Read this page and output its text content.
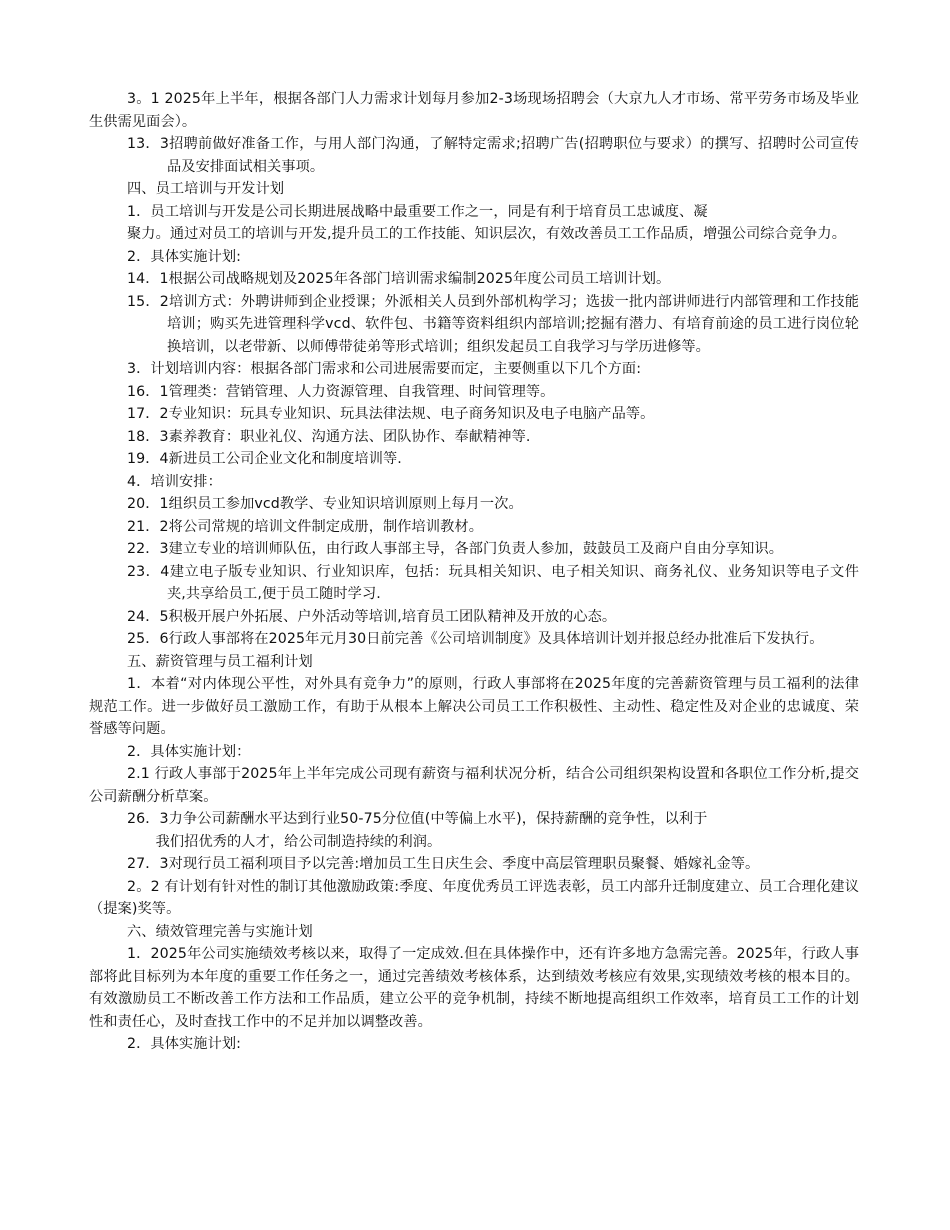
3。1 2025年上半年，根据各部门人力需求计划每月参加2-3场现场招聘会（大京九人才市场、常平劳务市场及毕业生供需见面会）。

13．3招聘前做好准备工作，与用人部门沟通，了解特定需求;招聘广告(招聘职位与要求）的撰写、招聘时公司宣传品及安排面试相关事项。

四、员工培训与开发计划

1．员工培训与开发是公司长期进展战略中最重要工作之一，同是有利于培育员工忠诚度、凝

聚力。通过对员工的培训与开发,提升员工的工作技能、知识层次，有效改善员工工作品质，增强公司综合竞争力。

2．具体实施计划:

14．1根据公司战略规划及2025年各部门培训需求编制2025年度公司员工培训计划。

15．2培训方式：外聘讲师到企业授课；外派相关人员到外部机构学习；选拔一批内部讲师进行内部管理和工作技能培训；购买先进管理科学vcd、软件包、书籍等资料组织内部培训;挖掘有潜力、有培育前途的员工进行岗位轮换培训，以老带新、以师傅带徒弟等形式培训；组织发起员工自我学习与学历进修等。

3．计划培训内容：根据各部门需求和公司进展需要而定，主要侧重以下几个方面:

16．1管理类：营销管理、人力资源管理、自我管理、时间管理等。

17．2专业知识：玩具专业知识、玩具法律法规、电子商务知识及电子电脑产品等。

18．3素养教育：职业礼仪、沟通方法、团队协作、奉献精神等.

19．4新进员工公司企业文化和制度培训等.

4．培训安排：

20．1组织员工参加vcd教学、专业知识培训原则上每月一次。

21．2将公司常规的培训文件制定成册，制作培训教材。

22．3建立专业的培训师队伍，由行政人事部主导，各部门负责人参加，鼓鼓员工及商户自由分享知识。

23．4建立电子版专业知识、行业知识库，包括：玩具相关知识、电子相关知识、商务礼仪、业务知识等电子文件夹,共享给员工,便于员工随时学习.

24．5积极开展户外拓展、户外活动等培训,培育员工团队精神及开放的心态。

25．6行政人事部将在2025年元月30日前完善《公司培训制度》及具体培训计划并报总经办批准后下发执行。

五、薪资管理与员工福利计划

1．本着“对内体现公平性，对外具有竞争力”的原则，行政人事部将在2025年度的完善薪资管理与员工福利的法律规范工作。进一步做好员工激励工作，有助于从根本上解决公司员工工作积极性、主动性、稳定性及对企业的忠诚度、荣誉感等问题。

2．具体实施计划：

2.1 行政人事部于2025年上半年完成公司现有薪资与福利状况分析，结合公司组织架构设置和各职位工作分析,提交公司薪酬分析草案。

26．3力争公司薪酬水平达到行业50-75分位值(中等偏上水平)，保持薪酬的竞争性，以利于

　　我们招优秀的人才，给公司制造持续的利润。

27．3对现行员工福利项目予以完善:增加员工生日庆生会、季度中高层管理职员聚餐、婚嫁礼金等。

2。2 有计划有针对性的制订其他激励政策:季度、年度优秀员工评选表彰，员工内部升迁制度建立、员工合理化建议（提案)奖等。

六、绩效管理完善与实施计划

1．2025年公司实施绩效考核以来，取得了一定成效.但在具体操作中，还有许多地方急需完善。2025年，行政人事部将此目标列为本年度的重要工作任务之一，通过完善绩效考核体系，达到绩效考核应有效果,实现绩效考核的根本目的。有效激励员工不断改善工作方法和工作品质，建立公平的竞争机制，持续不断地提高组织工作效率，培育员工工作的计划性和责任心，及时查找工作中的不足并加以调整改善。

2．具体实施计划:
